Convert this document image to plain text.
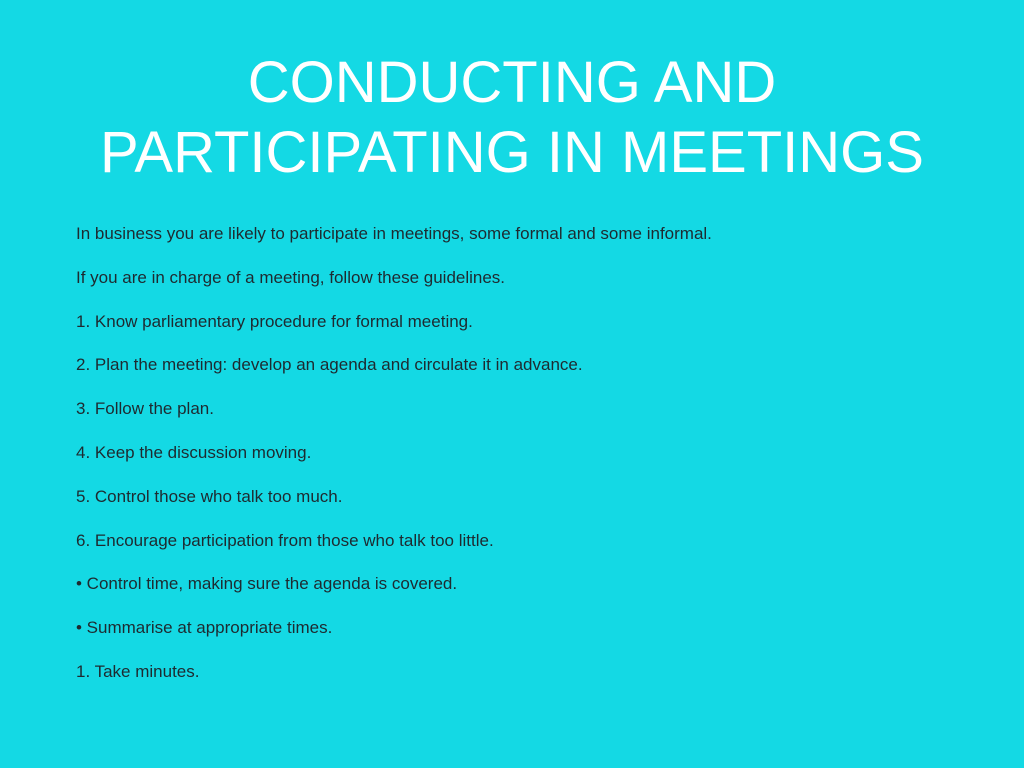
CONDUCTING AND
PARTICIPATING IN MEETINGS
In business you are likely to participate in meetings, some formal and some informal.
If you are in charge of a meeting, follow these guidelines.
1. Know parliamentary procedure for formal meeting.
2. Plan the meeting: develop an agenda and circulate it in advance.
3. Follow the plan.
4. Keep the discussion moving.
5. Control those who talk too much.
6. Encourage participation from those who talk too little.
• Control time, making sure the agenda is covered.
• Summarise at appropriate times.
1. Take minutes.
